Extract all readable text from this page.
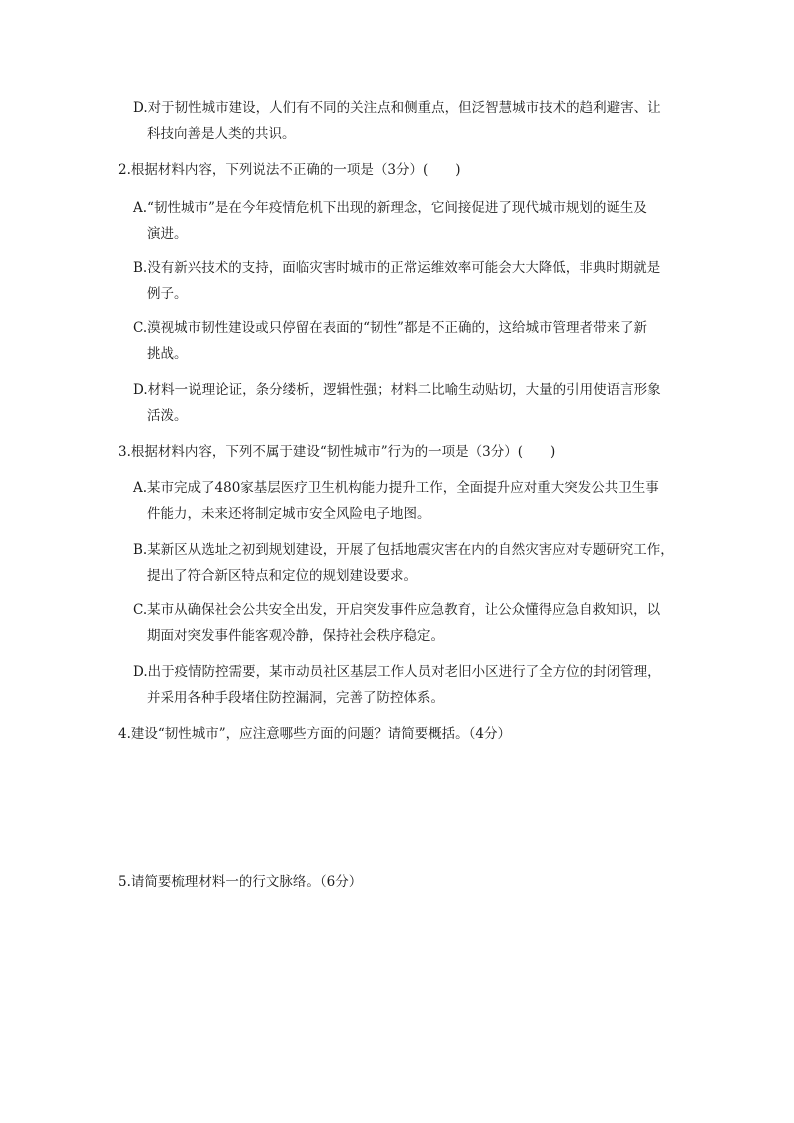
D.对于韧性城市建设，人们有不同的关注点和侧重点，但泛智慧城市技术的趋利避害、让
科技向善是人类的共识。
2.根据材料内容，下列说法不正确的一项是（3分）(　　)
A.“韧性城市”是在今年疫情危机下出现的新理念，它间接促进了现代城市规划的诞生及
演进。
B.没有新兴技术的支持，面临灾害时城市的正常运维效率可能会大大降低，非典时期就是
例子。
C.漠视城市韧性建设或只停留在表面的“韧性”都是不正确的，这给城市管理者带来了新
挑战。
D.材料一说理论证，条分缕析，逻辑性强；材料二比喻生动贴切，大量的引用使语言形象
活泼。
3.根据材料内容，下列不属于建设“韧性城市”行为的一项是（3分）(　　)
A.某市完成了480家基层医疗卫生机构能力提升工作，全面提升应对重大突发公共卫生事
件能力，未来还将制定城市安全风险电子地图。
B.某新区从选址之初到规划建设，开展了包括地震灾害在内的自然灾害应对专题研究工作，
提出了符合新区特点和定位的规划建设要求。
C.某市从确保社会公共安全出发，开启突发事件应急教育，让公众懂得应急自救知识，以
期面对突发事件能客观冷静，保持社会秩序稳定。
D.出于疫情防控需要，某市动员社区基层工作人员对老旧小区进行了全方位的封闭管理，
并采用各种手段堵住防控漏洞，完善了防控体系。
4.建设“韧性城市”，应注意哪些方面的问题？请简要概括。（4分）
5.请简要梳理材料一的行文脉络。（6分）
